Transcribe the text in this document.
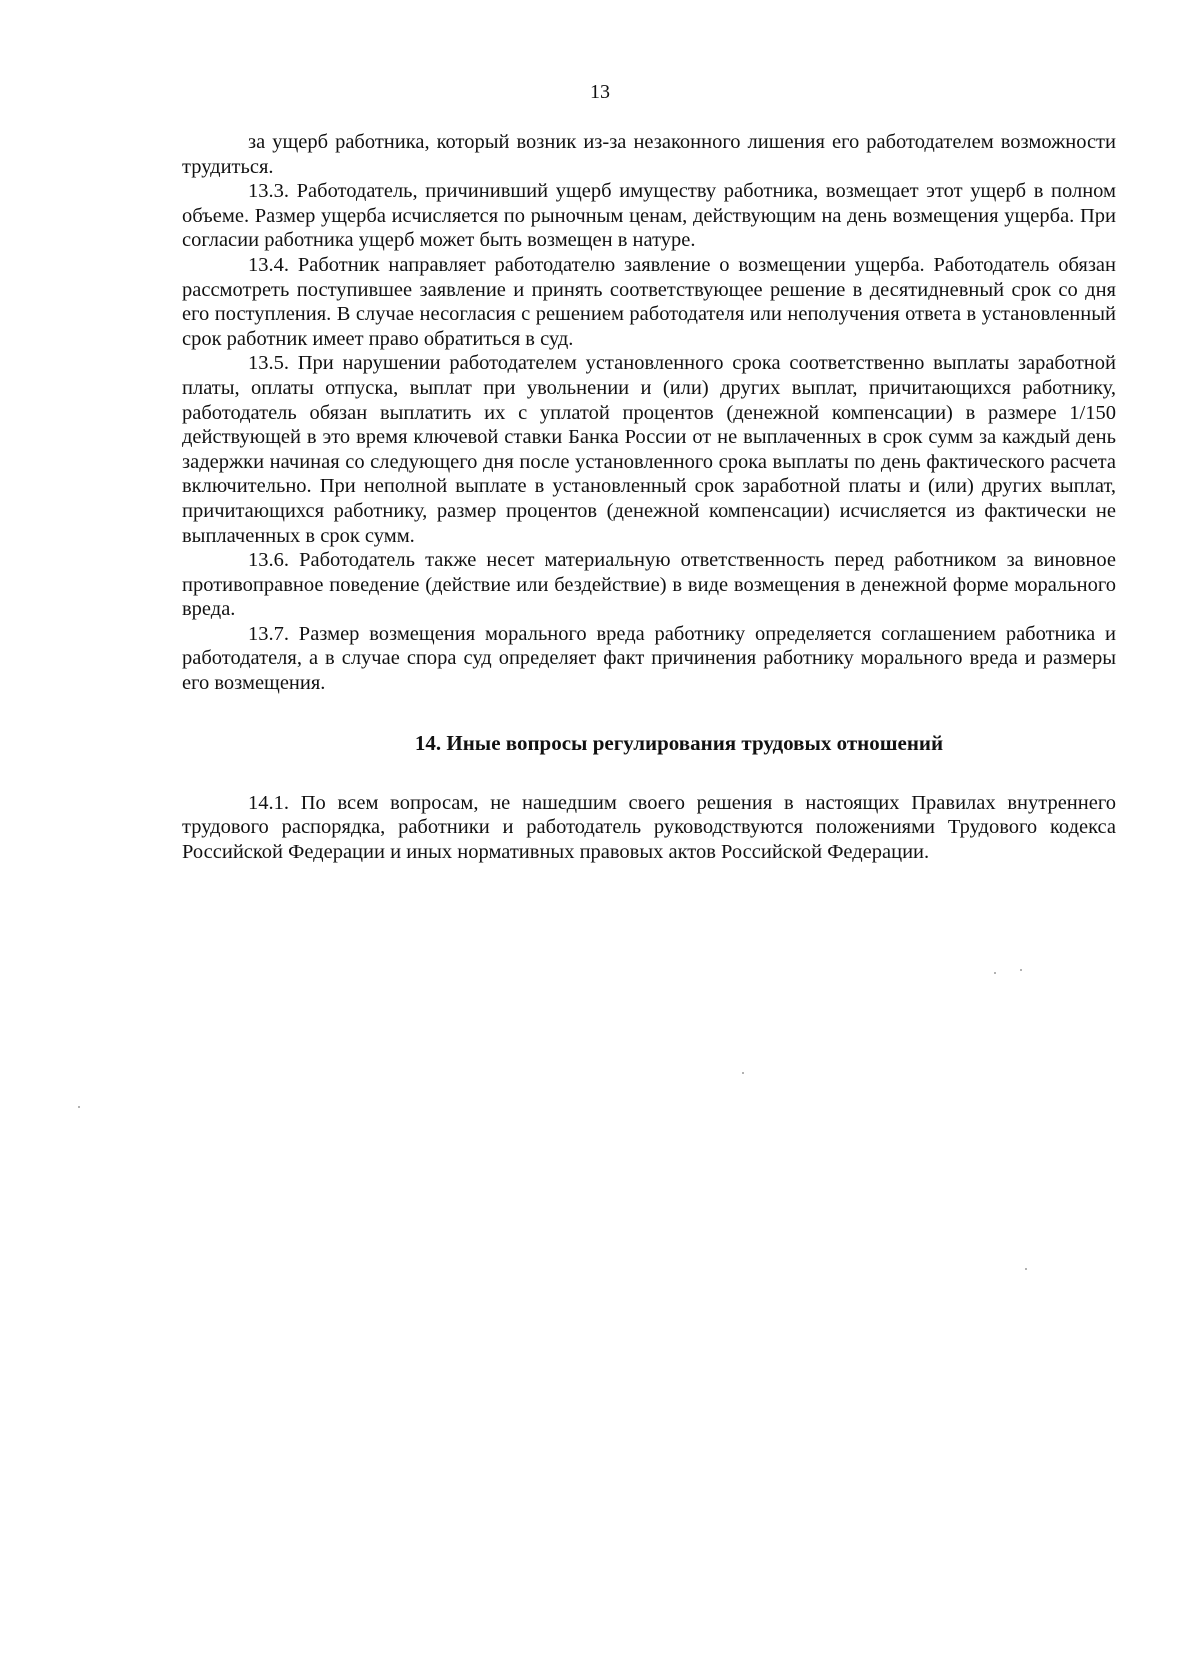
13

за ущерб работника, который возник из-за незаконного лишения его работодателем возможности трудиться.

13.3. Работодатель, причинивший ущерб имуществу работника, возмещает этот ущерб в полном объеме. Размер ущерба исчисляется по рыночным ценам, действующим на день возмещения ущерба. При согласии работника ущерб может быть возмещен в натуре.

13.4. Работник направляет работодателю заявление о возмещении ущерба. Работодатель обязан рассмотреть поступившее заявление и принять соответствующее решение в десятидневный срок со дня его поступления. В случае несогласия с решением работодателя или неполучения ответа в установленный срок работник имеет право обратиться в суд.

13.5. При нарушении работодателем установленного срока соответственно выплаты заработной платы, оплаты отпуска, выплат при увольнении и (или) других выплат, причитающихся работнику, работодатель обязан выплатить их с уплатой процентов (денежной компенсации) в размере 1/150 действующей в это время ключевой ставки Банка России от не выплаченных в срок сумм за каждый день задержки начиная со следующего дня после установленного срока выплаты по день фактического расчета включительно. При неполной выплате в установленный срок заработной платы и (или) других выплат, причитающихся работнику, размер процентов (денежной компенсации) исчисляется из фактически не выплаченных в срок сумм.

13.6. Работодатель также несет материальную ответственность перед работником за виновное противоправное поведение (действие или бездействие) в виде возмещения в денежной форме морального вреда.

13.7. Размер возмещения морального вреда работнику определяется соглашением работника и работодателя, а в случае спора суд определяет факт причинения работнику морального вреда и размеры его возмещения.

14. Иные вопросы регулирования трудовых отношений

14.1. По всем вопросам, не нашедшим своего решения в настоящих Правилах внутреннего трудового распорядка, работники и работодатель руководствуются положениями Трудового кодекса Российской Федерации и иных нормативных правовых актов Российской Федерации.
